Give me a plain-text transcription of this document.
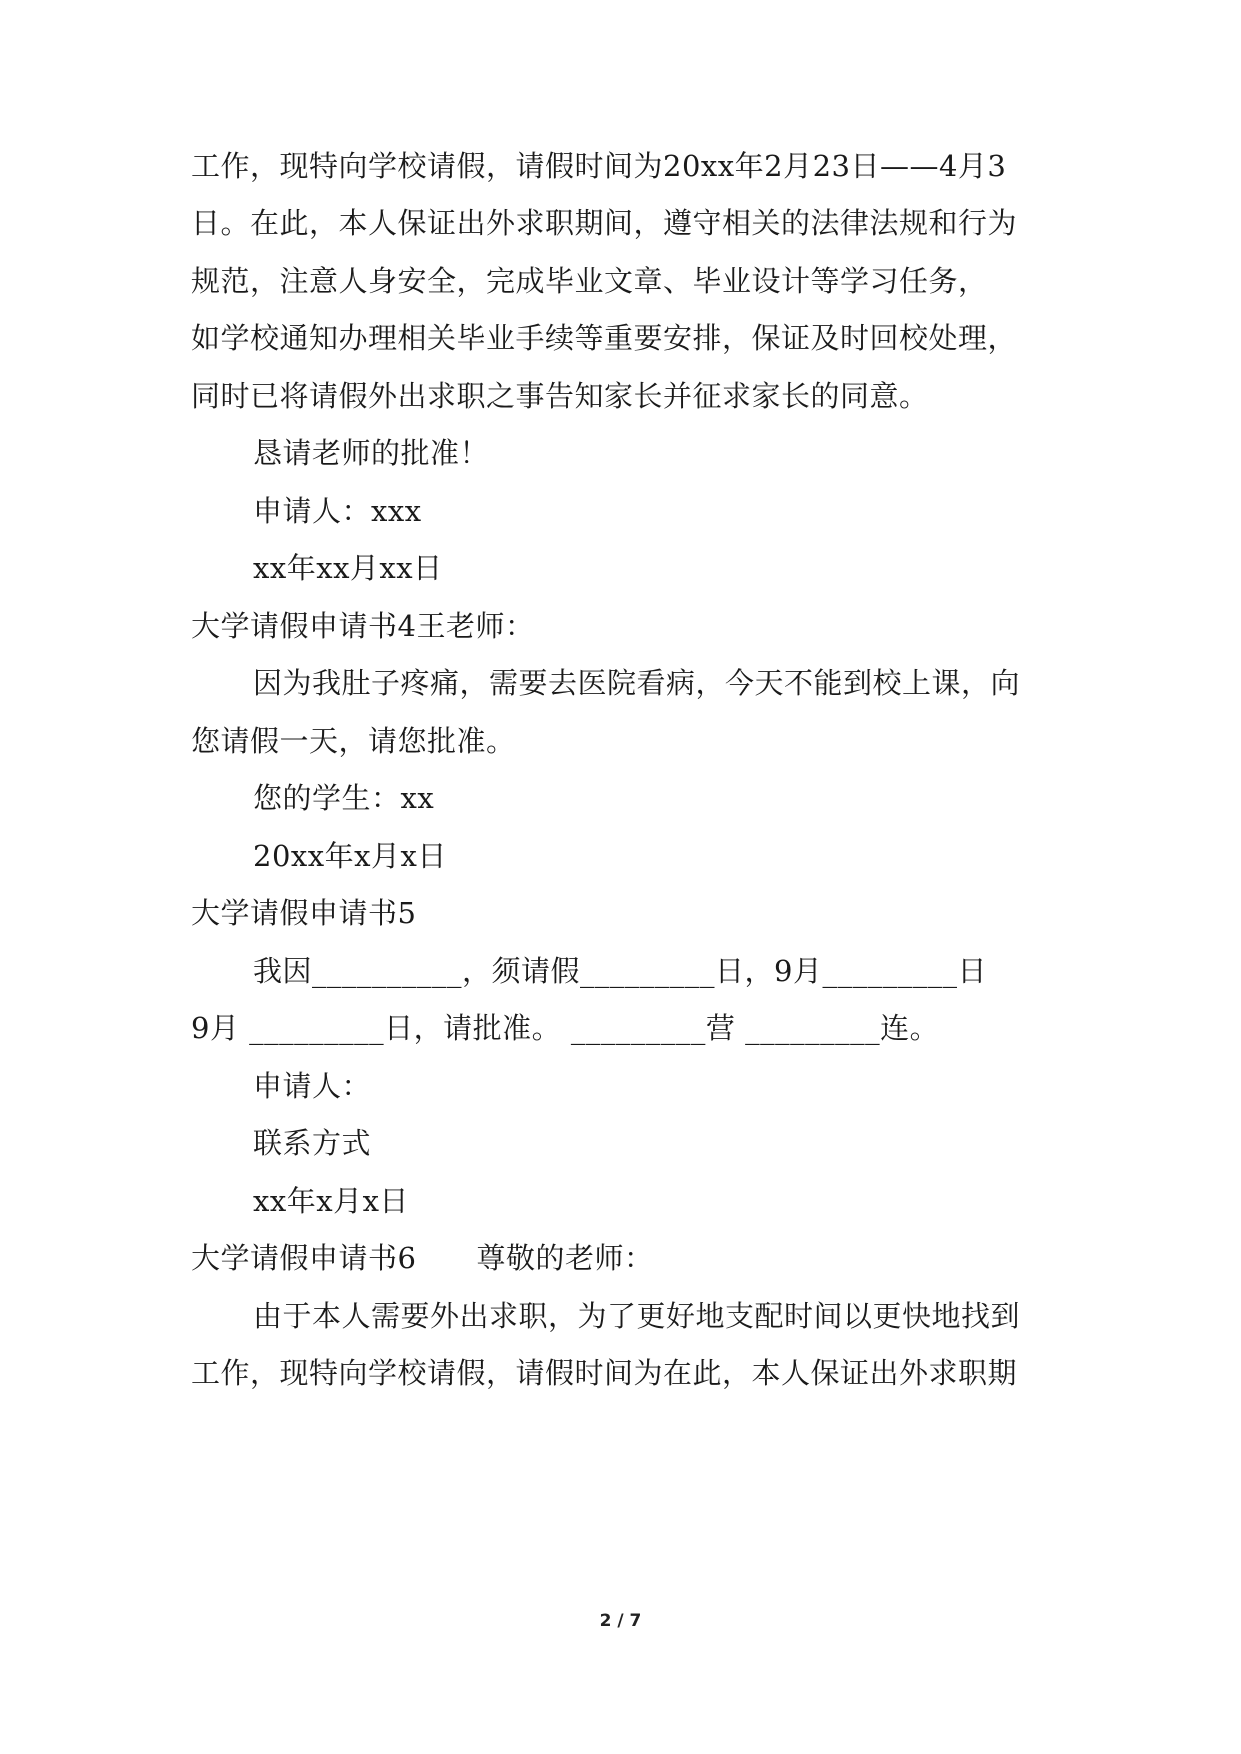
工作，现特向学校请假，请假时间为20xx年2月23日——4月3
日。在此，本人保证出外求职期间，遵守相关的法律法规和行为
规范，注意人身安全，完成毕业文章、毕业设计等学习任务，
如学校通知办理相关毕业手续等重要安排，保证及时回校处理，
同时已将请假外出求职之事告知家长并征求家长的同意。
恳请老师的批准！
申请人：xxx
xx年xx月xx日
大学请假申请书4王老师：
因为我肚子疼痛，需要去医院看病，今天不能到校上课，向
您请假一天，请您批准。
您的学生：xx
20xx年x月x日
大学请假申请书5
我因__________，须请假_________日，9月_________日
9月 _________日，请批准。 _________营 _________连。
申请人：
联系方式
xx年x月x日
大学请假申请书6 尊敬的老师：
由于本人需要外出求职，为了更好地支配时间以更快地找到
工作，现特向学校请假，请假时间为在此，本人保证出外求职期
2 / 7
